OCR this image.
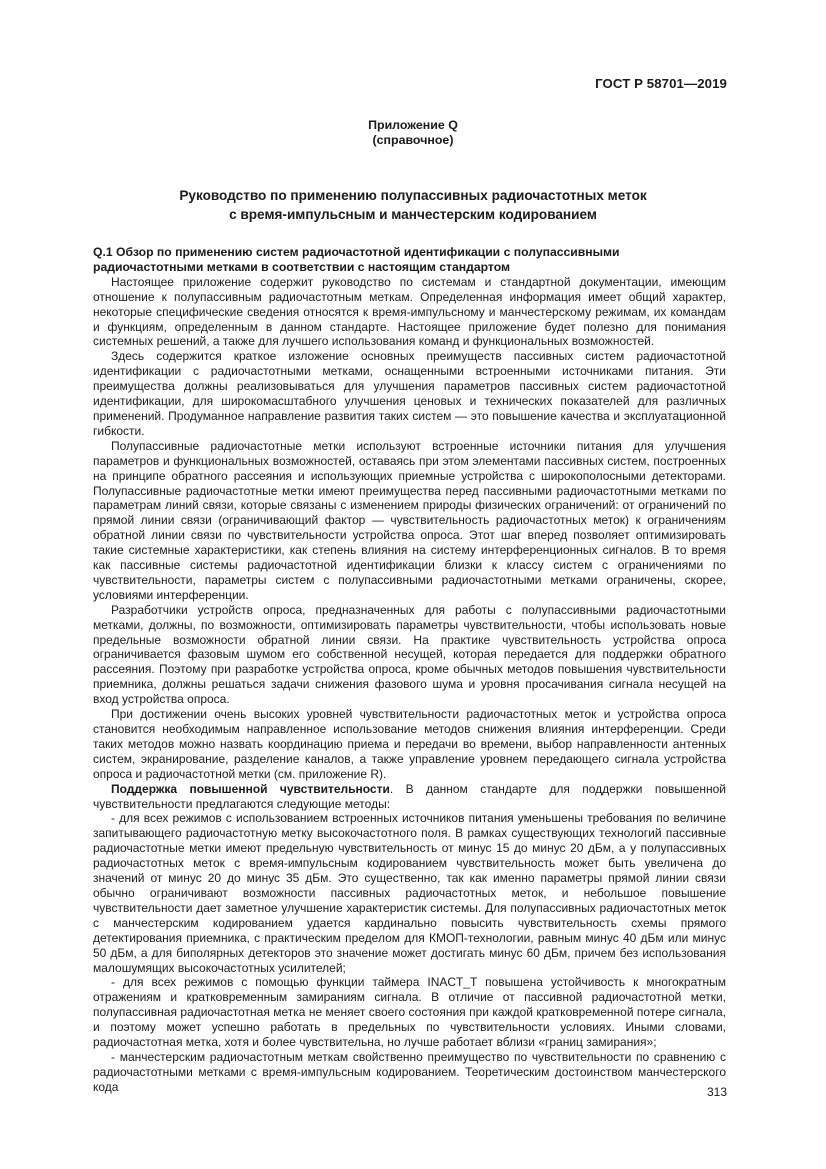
ГОСТ Р 58701—2019
Приложение Q
(справочное)
Руководство по применению полупассивных радиочастотных меток
с время-импульсным и манчестерским кодированием

Q.1 Обзор по применению систем радиочастотной идентификации с полупассивными
радиочастотными метками в соответствии с настоящим стандартом

Настоящее приложение содержит руководство по системам и стандартной документации, имеющим отношение к полупассивным радиочастотным меткам. Определенная информация имеет общий характер, некоторые специфические сведения относятся к время-импульсному и манчестерскому режимам, их командам и функциям, определенным в данном стандарте. Настоящее приложение будет полезно для понимания системных решений, а также для лучшего использования команд и функциональных возможностей.

Здесь содержится краткое изложение основных преимуществ пассивных систем радиочастотной идентификации с радиочастотными метками, оснащенными встроенными источниками питания. Эти преимущества должны реализовываться для улучшения параметров пассивных систем радиочастотной идентификации, для широкомасштабного улучшения ценовых и технических показателей для различных применений. Продуманное направление развития таких систем — это повышение качества и эксплуатационной гибкости.

Полупассивные радиочастотные метки используют встроенные источники питания для улучшения параметров и функциональных возможностей, оставаясь при этом элементами пассивных систем, построенных на принципе обратного рассеяния и использующих приемные устройства с широкополосными детекторами. Полупассивные радиочастотные метки имеют преимущества перед пассивными радиочастотными метками по параметрам линий связи, которые связаны с изменением природы физических ограничений: от ограничений по прямой линии связи (ограничивающий фактор — чувствительность радиочастотных меток) к ограничениям обратной линии связи по чувствительности устройства опроса. Этот шаг вперед позволяет оптимизировать такие системные характеристики, как степень влияния на систему интерференционных сигналов. В то время как пассивные системы радиочастотной идентификации близки к классу систем с ограничениями по чувствительности, параметры систем с полупассивными радиочастотными метками ограничены, скорее, условиями интерференции.

Разработчики устройств опроса, предназначенных для работы с полупассивными радиочастотными метками, должны, по возможности, оптимизировать параметры чувствительности, чтобы использовать новые предельные возможности обратной линии связи. На практике чувствительность устройства опроса ограничивается фазовым шумом его собственной несущей, которая передается для поддержки обратного рассеяния. Поэтому при разработке устройства опроса, кроме обычных методов повышения чувствительности приемника, должны решаться задачи снижения фазового шума и уровня просачивания сигнала несущей на вход устройства опроса.

При достижении очень высоких уровней чувствительности радиочастотных меток и устройства опроса становится необходимым направленное использование методов снижения влияния интерференции. Среди таких методов можно назвать координацию приема и передачи во времени, выбор направленности антенных систем, экранирование, разделение каналов, а также управление уровнем передающего сигнала устройства опроса и радиочастотной метки (см. приложение R).

Поддержка повышенной чувствительности. В данном стандарте для поддержки повышенной чувствительности предлагаются следующие методы:

- для всех режимов с использованием встроенных источников питания уменьшены требования по величине запитывающего радиочастотную метку высокочастотного поля. В рамках существующих технологий пассивные радиочастотные метки имеют предельную чувствительность от минус 15 до минус 20 дБм, а у полупассивных радиочастотных меток с время-импульсным кодированием чувствительность может быть увеличена до значений от минус 20 до минус 35 дБм. Это существенно, так как именно параметры прямой линии связи обычно ограничивают возможности пассивных радиочастотных меток, и небольшое повышение чувствительности дает заметное улучшение характеристик системы. Для полупассивных радиочастотных меток с манчестерским кодированием удается кардинально повысить чувствительность схемы прямого детектирования приемника, с практическим пределом для КМОП-технологии, равным минус 40 дБм или минус 50 дБм, а для биполярных детекторов это значение может достигать минус 60 дБм, причем без использования малошумящих высокочастотных усилителей;

- для всех режимов с помощью функции таймера INACT_T повышена устойчивость к многократным отражениям и кратковременным замираниям сигнала. В отличие от пассивной радиочастотной метки, полупассивная радиочастотная метка не меняет своего состояния при каждой кратковременной потере сигнала, и поэтому может успешно работать в предельных по чувствительности условиях. Иными словами, радиочастотная метка, хотя и более чувствительна, но лучше работает вблизи «границ замирания»;

- манчестерским радиочастотным меткам свойственно преимущество по чувствительности по сравнению с радиочастотными метками с время-импульсным кодированием. Теоретическим достоинством манчестерского кода	313
